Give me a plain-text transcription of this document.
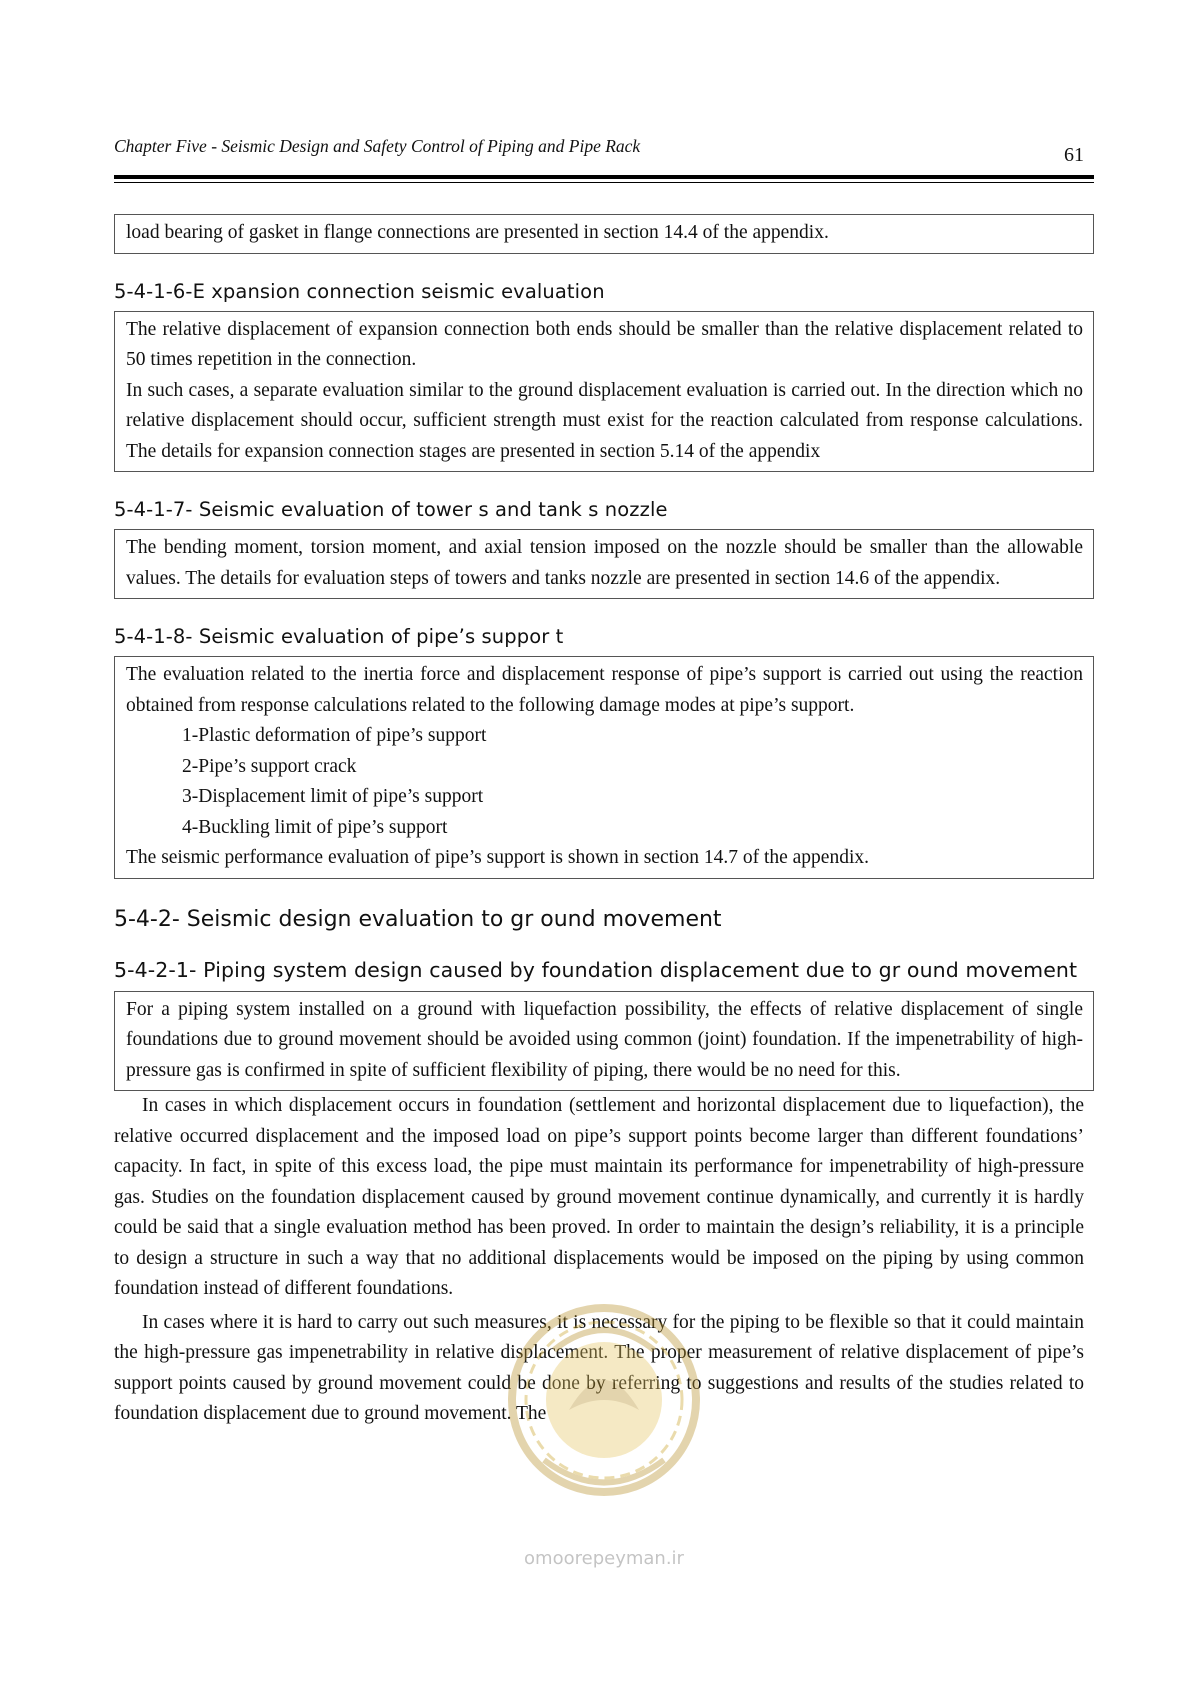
Chapter Five - Seismic Design and Safety Control of Piping and Pipe Rack	61

load bearing of gasket in flange connections are presented in section 14.4 of the appendix.

5-4-1-6-E xpansion connection seismic evaluation

The relative displacement of expansion connection both ends should be smaller than the relative displacement related to 50 times repetition in the connection.

In such cases, a separate evaluation similar to the ground displacement evaluation is carried out. In the direction which no relative displacement should occur, sufficient strength must exist for the reaction calculated from response calculations. The details for expansion connection stages are presented in section 5.14 of the appendix

5-4-1-7- Seismic evaluation of tower s and tank s nozzle

The bending moment, torsion moment, and axial tension imposed on the nozzle should be smaller than the allowable values. The details for evaluation steps of towers and tanks nozzle are presented in section 14.6 of the appendix.

5-4-1-8- Seismic evaluation of pipe’s suppor t

The evaluation related to the inertia force and displacement response of pipe’s support is carried out using the reaction obtained from response calculations related to the following damage modes at pipe’s support.

1-Plastic deformation of pipe’s support
2-Pipe’s support crack
3-Displacement limit of pipe’s support
4-Buckling limit of pipe’s support

The seismic performance evaluation of pipe’s support is shown in section 14.7 of the appendix.

5-4-2- Seismic design evaluation to gr ound movement
5-4-2-1- Piping system design caused by foundation displacement due to gr ound movement

For a piping system installed on a ground with liquefaction possibility, the effects of relative displacement of single foundations due to ground movement should be avoided using common (joint) foundation. If the impenetrability of high-pressure gas is confirmed in spite of sufficient flexibility of piping, there would be no need for this.

In cases in which displacement occurs in foundation (settlement and horizontal displacement due to liquefaction), the relative occurred displacement and the imposed load on pipe’s support points become larger than different foundations’ capacity. In fact, in spite of this excess load, the pipe must maintain its performance for impenetrability of high-pressure gas. Studies on the foundation displacement caused by ground movement continue dynamically, and currently it is hardly could be said that a single evaluation method has been proved. In order to maintain the design’s reliability, it is a principle to design a structure in such a way that no additional displacements would be imposed on the piping by using common foundation instead of different foundations.

In cases where it is hard to carry out such measures, it is necessary for the piping to be flexible so that it could maintain the high-pressure gas impenetrability in relative displacement. The proper measurement of relative displacement of pipe’s support points caused by ground movement could be done by referring to suggestions and results of the studies related to foundation displacement due to ground movement. The

omoorepeyman.ir
